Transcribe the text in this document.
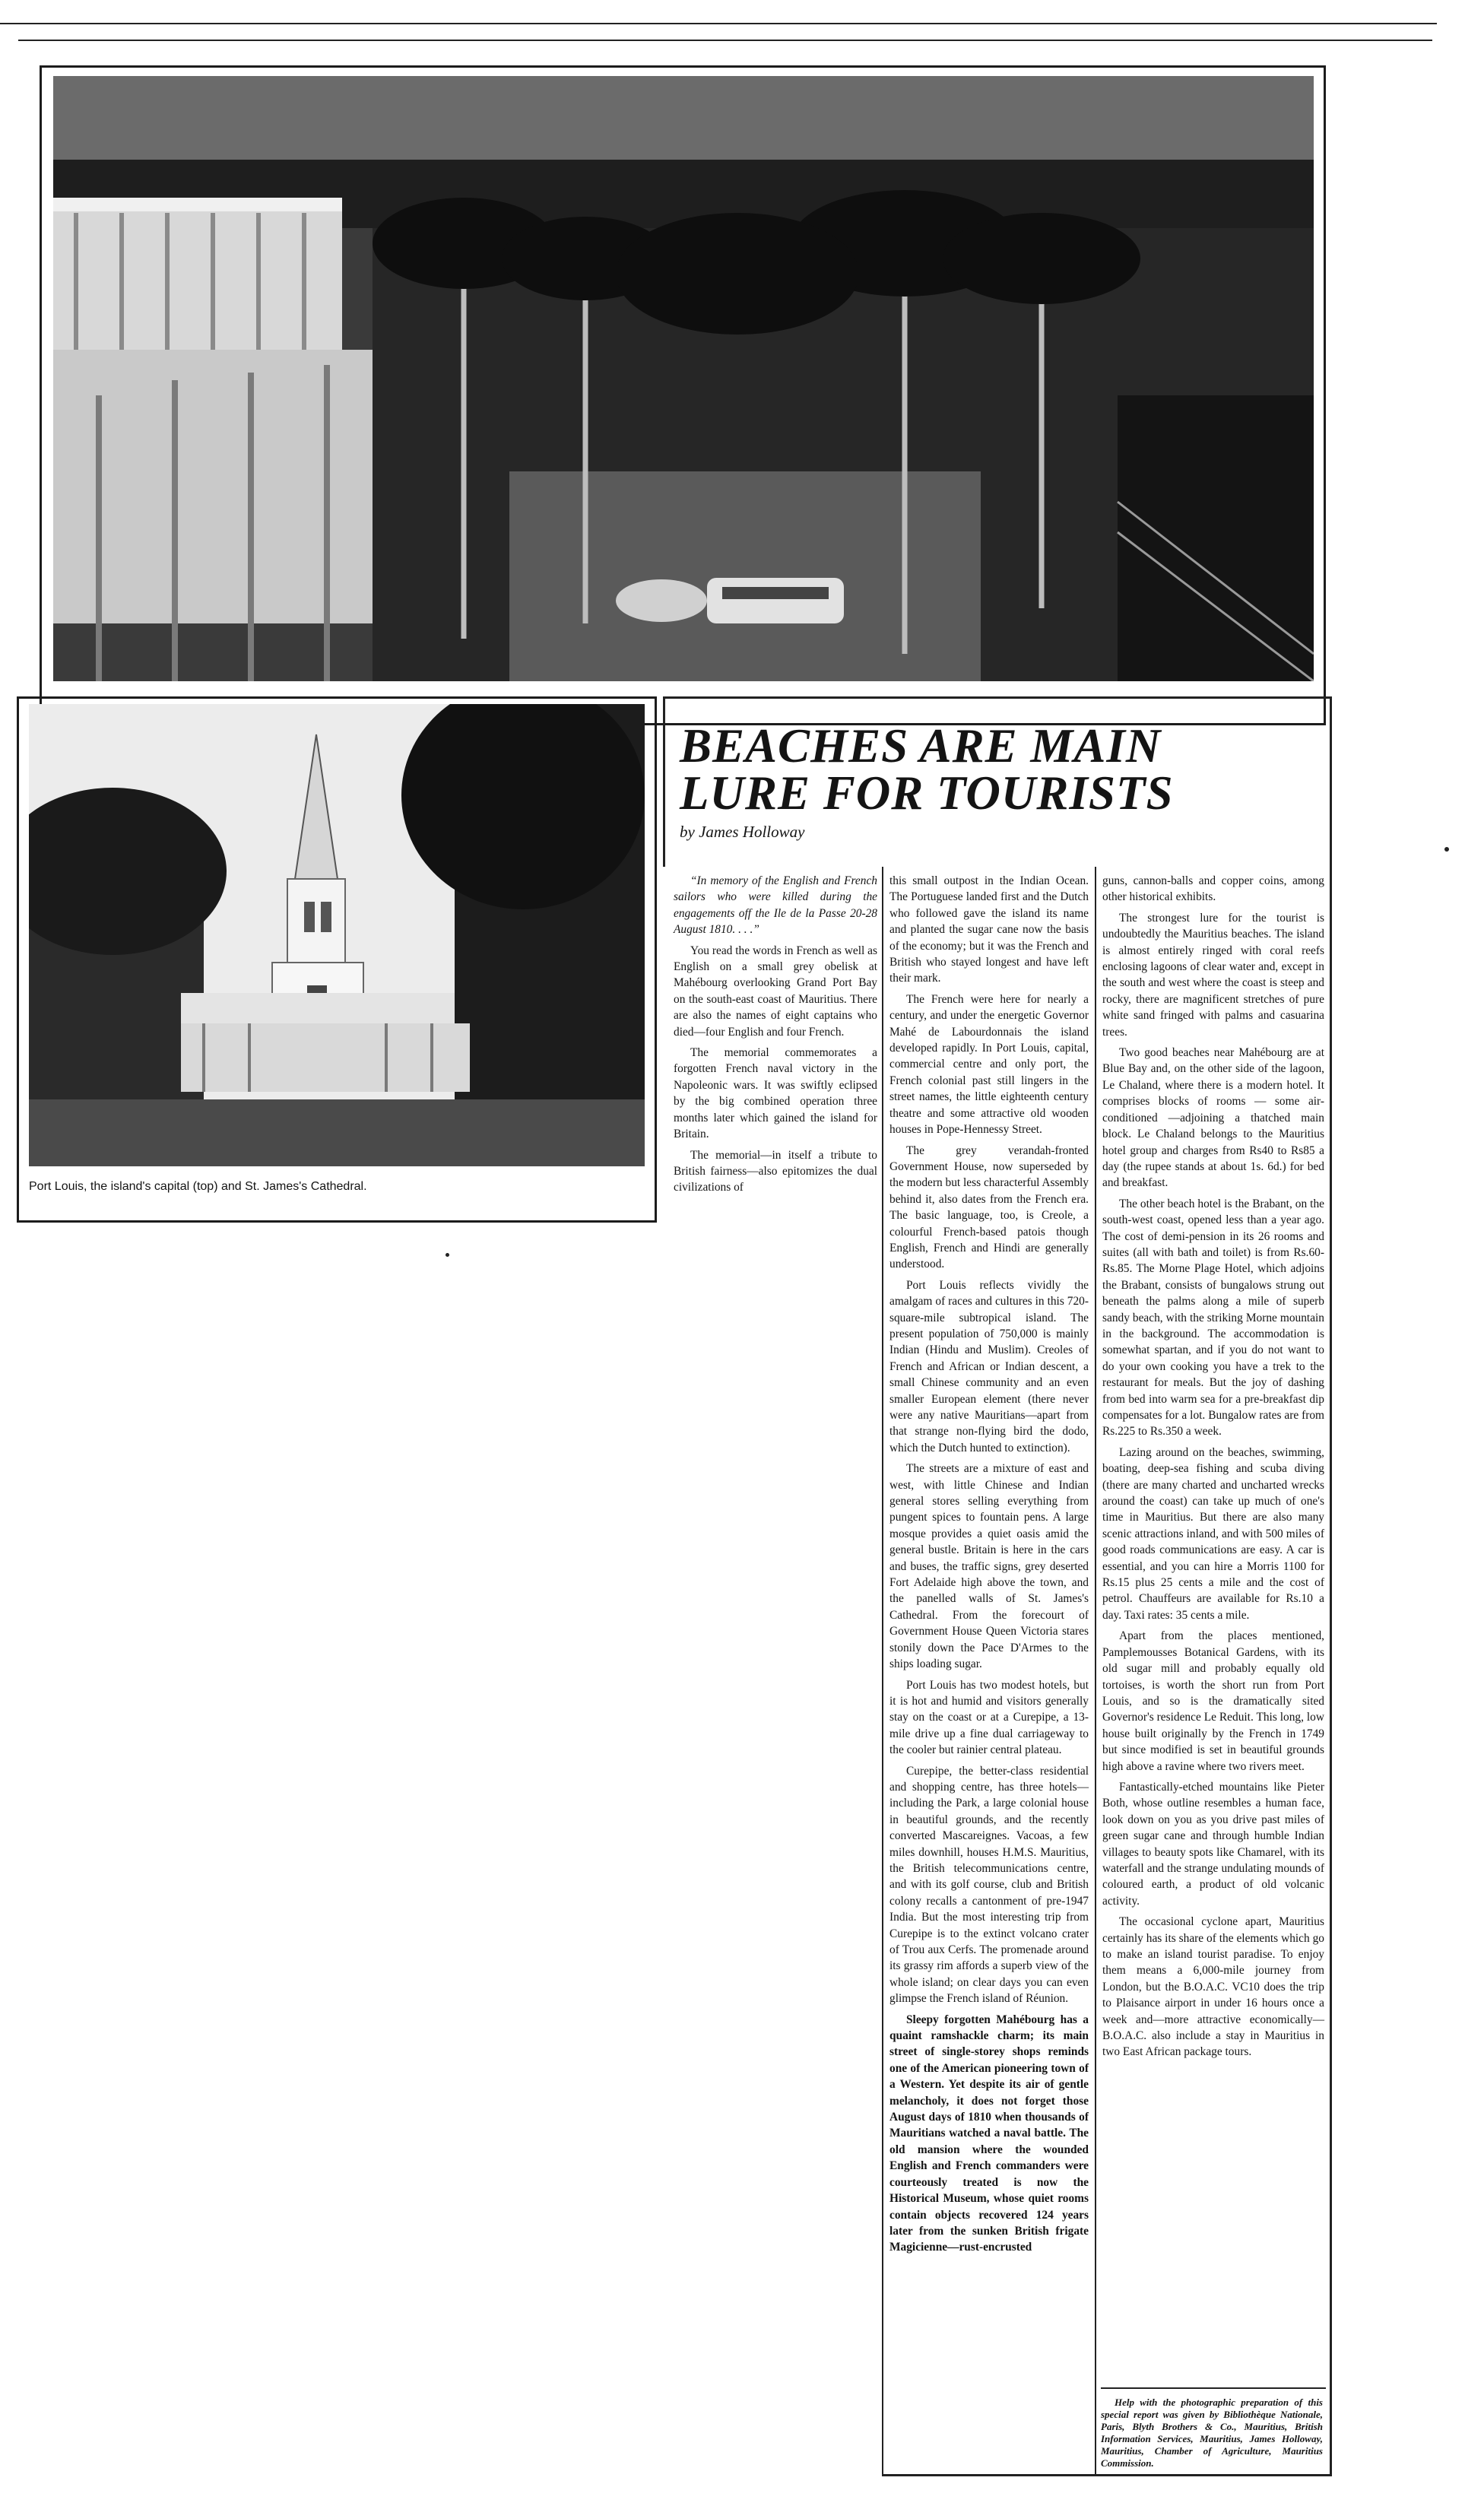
Port Louis, the island's capital (top) and St. James's Cathedral.
BEACHES ARE MAIN
LURE FOR TOURISTS
by James Holloway

“In memory of the English and French sailors who were killed during the engagements off the Ile de la Passe 20-28 August 1810. . . .”

You read the words in French as well as English on a small grey obelisk at Mahébourg overlooking Grand Port Bay on the south-east coast of Mauritius. There are also the names of eight captains who died—four English and four French.

The memorial commemorates a forgotten French naval victory in the Napoleonic wars. It was swiftly eclipsed by the big combined operation three months later which gained the island for Britain.

The memorial—in itself a tribute to British fairness—also epitomizes the dual civilizations of

this small outpost in the Indian Ocean. The Portuguese landed first and the Dutch who followed gave the island its name and planted the sugar cane now the basis of the economy; but it was the French and British who stayed longest and have left their mark.

The French were here for nearly a century, and under the energetic Governor Mahé de Labourdonnais the island developed rapidly. In Port Louis, capital, commercial centre and only port, the French colonial past still lingers in the street names, the little eighteenth century theatre and some attractive old wooden houses in Pope-Hennessy Street.

The grey verandah-fronted Government House, now superseded by the modern but less characterful Assembly behind it, also dates from the French era. The basic language, too, is Creole, a colourful French-based patois though English, French and Hindi are generally understood.

Port Louis reflects vividly the amalgam of races and cultures in this 720-square-mile subtropical island. The present population of 750,000 is mainly Indian (Hindu and Muslim). Creoles of French and African or Indian descent, a small Chinese community and an even smaller European element (there never were any native Mauritians—apart from that strange non-flying bird the dodo, which the Dutch hunted to extinction).

The streets are a mixture of east and west, with little Chinese and Indian general stores selling everything from pungent spices to fountain pens. A large mosque provides a quiet oasis amid the general bustle. Britain is here in the cars and buses, the traffic signs, grey deserted Fort Adelaide high above the town, and the panelled walls of St. James's Cathedral. From the forecourt of Government House Queen Victoria stares stonily down the Pace D'Armes to the ships loading sugar.

Port Louis has two modest hotels, but it is hot and humid and visitors generally stay on the coast or at a Curepipe, a 13-mile drive up a fine dual carriageway to the cooler but rainier central plateau.

Curepipe, the better-class residential and shopping centre, has three hotels—including the Park, a large colonial house in beautiful grounds, and the recently converted Mascareignes. Vacoas, a few miles downhill, houses H.M.S. Mauritius, the British telecommunications centre, and with its golf course, club and British colony recalls a cantonment of pre-1947 India. But the most interesting trip from Curepipe is to the extinct volcano crater of Trou aux Cerfs. The promenade around its grassy rim affords a superb view of the whole island; on clear days you can even glimpse the French island of Réunion.

Sleepy forgotten Mahébourg has a quaint ramshackle charm; its main street of single-storey shops reminds one of the American pioneering town of a Western. Yet despite its air of gentle melancholy, it does not forget those August days of 1810 when thousands of Mauritians watched a naval battle. The old mansion where the wounded English and French commanders were courteously treated is now the Historical Museum, whose quiet rooms contain objects recovered 124 years later from the sunken British frigate Magicienne—rust-encrusted

guns, cannon-balls and copper coins, among other historical exhibits.

The strongest lure for the tourist is undoubtedly the Mauritius beaches. The island is almost entirely ringed with coral reefs enclosing lagoons of clear water and, except in the south and west where the coast is steep and rocky, there are magnificent stretches of pure white sand fringed with palms and casuarina trees.

Two good beaches near Mahébourg are at Blue Bay and, on the other side of the lagoon, Le Chaland, where there is a modern hotel. It comprises blocks of rooms — some air-conditioned —adjoining a thatched main block. Le Chaland belongs to the Mauritius hotel group and charges from Rs40 to Rs85 a day (the rupee stands at about 1s. 6d.) for bed and breakfast.

The other beach hotel is the Brabant, on the south-west coast, opened less than a year ago. The cost of demi-pension in its 26 rooms and suites (all with bath and toilet) is from Rs.60-Rs.85. The Morne Plage Hotel, which adjoins the Brabant, consists of bungalows strung out beneath the palms along a mile of superb sandy beach, with the striking Morne mountain in the background. The accommodation is somewhat spartan, and if you do not want to do your own cooking you have a trek to the restaurant for meals. But the joy of dashing from bed into warm sea for a pre-breakfast dip compensates for a lot. Bungalow rates are from Rs.225 to Rs.350 a week.

Lazing around on the beaches, swimming, boating, deep-sea fishing and scuba diving (there are many charted and uncharted wrecks around the coast) can take up much of one's time in Mauritius. But there are also many scenic attractions inland, and with 500 miles of good roads communications are easy. A car is essential, and you can hire a Morris 1100 for Rs.15 plus 25 cents a mile and the cost of petrol. Chauffeurs are available for Rs.10 a day. Taxi rates: 35 cents a mile.

Apart from the places mentioned, Pamplemousses Botanical Gardens, with its old sugar mill and probably equally old tortoises, is worth the short run from Port Louis, and so is the dramatically sited Governor's residence Le Reduit. This long, low house built originally by the French in 1749 but since modified is set in beautiful grounds high above a ravine where two rivers meet.

Fantastically-etched mountains like Pieter Both, whose outline resembles a human face, look down on you as you drive past miles of green sugar cane and through humble Indian villages to beauty spots like Chamarel, with its waterfall and the strange undulating mounds of coloured earth, a product of old volcanic activity.

The occasional cyclone apart, Mauritius certainly has its share of the elements which go to make an island tourist paradise. To enjoy them means a 6,000-mile journey from London, but the B.O.A.C. VC10 does the trip to Plaisance airport in under 16 hours once a week and—more attractive economically—B.O.A.C. also include a stay in Mauritius in two East African package tours.

Help with the photographic preparation of this special report was given by Bibliothèque Nationale, Paris, Blyth Brothers & Co., Mauritius, British Information Services, Mauritius, James Holloway, Mauritius, Chamber of Agriculture, Mauritius Commission.
